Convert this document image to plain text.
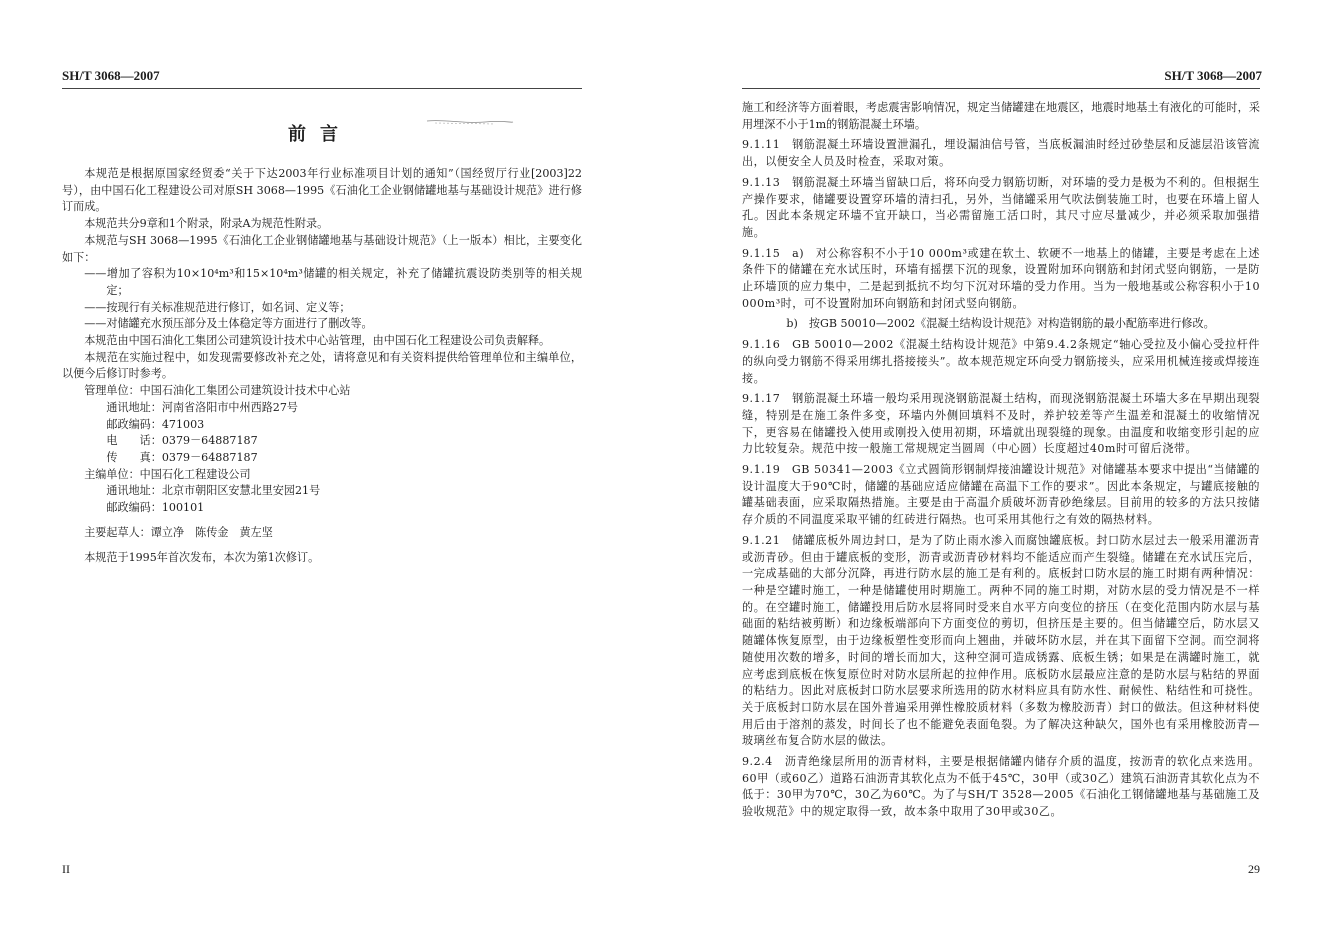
SH/T 3068—2007
前言

本规范是根据原国家经贸委“关于下达2003年行业标准项目计划的通知”（国经贸厅行业[2003]22号），由中国石化工程建设公司对原SH 3068—1995《石油化工企业钢储罐地基与基础设计规范》进行修订而成。

本规范共分9章和1个附录，附录A为规范性附录。

本规范与SH 3068—1995《石油化工企业钢储罐地基与基础设计规范》（上一版本）相比，主要变化如下：

——增加了容积为10×10⁴m³和15×10⁴m³储罐的相关规定，补充了储罐抗震设防类别等的相关规定；

——按现行有关标准规范进行修订，如名词、定义等；

——对储罐充水预压部分及土体稳定等方面进行了删改等。

本规范由中国石油化工集团公司建筑设计技术中心站管理，由中国石化工程建设公司负责解释。

本规范在实施过程中，如发现需要修改补充之处，请将意见和有关资料提供给管理单位和主编单位，以便今后修订时参考。

管理单位：中国石油化工集团公司建筑设计技术中心站

通讯地址：河南省洛阳市中州西路27号

邮政编码：471003

电　　话：0379－64887187

传　　真：0379－64887187

主编单位：中国石化工程建设公司

通讯地址：北京市朝阳区安慧北里安园21号

邮政编码：100101

主要起草人：谭立净　陈传金　黄左坚

本规范于1995年首次发布，本次为第1次修订。

II
SH/T 3068—2007

施工和经济等方面着眼，考虑震害影响情况，规定当储罐建在地震区，地震时地基土有液化的可能时，采用埋深不小于1m的钢筋混凝土环墙。

9.1.11　钢筋混凝土环墙设置泄漏孔，埋设漏油信号管，当底板漏油时经过砂垫层和反滤层沿该管流出，以便安全人员及时检查，采取对策。

9.1.13　钢筋混凝土环墙当留缺口后，将环向受力钢筋切断，对环墙的受力是极为不利的。但根据生产操作要求，储罐要设置穿环墙的清扫孔，另外，当储罐采用气吹法倒装施工时，也要在环墙上留人孔。因此本条规定环墙不宜开缺口，当必需留施工活口时，其尺寸应尽量减少，并必须采取加强措施。

9.1.15　a)　对公称容积不小于10 000m³或建在软土、软硬不一地基上的储罐，主要是考虑在上述条件下的储罐在充水试压时，环墙有摇摆下沉的现象，设置附加环向钢筋和封闭式竖向钢筋，一是防止环墙顶的应力集中，二是起到抵抗不均匀下沉对环墙的受力作用。当为一般地基或公称容积小于10 000m³时，可不设置附加环向钢筋和封闭式竖向钢筋。

b)　按GB 50010—2002《混凝土结构设计规范》对构造钢筋的最小配筋率进行修改。

9.1.16　GB 50010—2002《混凝土结构设计规范》中第9.4.2条规定“轴心受拉及小偏心受拉杆件的纵向受力钢筋不得采用绑扎搭接接头”。故本规范规定环向受力钢筋接头，应采用机械连接或焊接连接。

9.1.17　钢筋混凝土环墙一般均采用现浇钢筋混凝土结构，而现浇钢筋混凝土环墙大多在早期出现裂缝，特别是在施工条件多变，环墙内外侧回填料不及时，养护较差等产生温差和混凝土的收缩情况下，更容易在储罐投入使用或刚投入使用初期，环墙就出现裂缝的现象。由温度和收缩变形引起的应力比较复杂。规范中按一般施工常规规定当圆周（中心圆）长度超过40m时可留后浇带。

9.1.19　GB 50341—2003《立式圆筒形钢制焊接油罐设计规范》对储罐基本要求中提出“当储罐的设计温度大于90℃时，储罐的基础应适应储罐在高温下工作的要求”。因此本条规定，与罐底接触的罐基础表面，应采取隔热措施。主要是由于高温介质破坏沥青砂绝缘层。目前用的较多的方法只按储存介质的不同温度采取平铺的红砖进行隔热。也可采用其他行之有效的隔热材料。

9.1.21　储罐底板外周边封口，是为了防止雨水渗入而腐蚀罐底板。封口防水层过去一般采用灌沥青或沥青砂。但由于罐底板的变形，沥青或沥青砂材料均不能适应而产生裂缝。储罐在充水试压完后，一完成基础的大部分沉降，再进行防水层的施工是有利的。底板封口防水层的施工时期有两种情况：一种是空罐时施工，一种是储罐使用时期施工。两种不同的施工时期，对防水层的受力情况是不一样的。在空罐时施工，储罐投用后防水层将同时受来自水平方向变位的挤压（在变化范围内防水层与基础面的粘结被剪断）和边缘板端部向下方面变位的剪切，但挤压是主要的。但当储罐空后，防水层又随罐体恢复原型，由于边缘板塑性变形而向上翘曲，并破坏防水层，并在其下面留下空洞。而空洞将随使用次数的增多，时间的增长而加大，这种空洞可造成锈露、底板生锈；如果是在满罐时施工，就应考虑到底板在恢复原位时对防水层所起的拉伸作用。底板防水层最应注意的是防水层与粘结的界面的粘结力。因此对底板封口防水层要求所选用的防水材料应具有防水性、耐候性、粘结性和可挠性。关于底板封口防水层在国外普遍采用弹性橡胶质材料（多数为橡胶沥青）封口的做法。但这种材料使用后由于溶剂的蒸发，时间长了也不能避免表面龟裂。为了解决这种缺欠，国外也有采用橡胶沥青—玻璃丝布复合防水层的做法。

9.2.4　沥青绝缘层所用的沥青材料，主要是根据储罐内储存介质的温度，按沥青的软化点来选用。60甲（或60乙）道路石油沥青其软化点为不低于45℃，30甲（或30乙）建筑石油沥青其软化点为不低于：30甲为70℃，30乙为60℃。为了与SH/T 3528—2005《石油化工钢储罐地基与基础施工及验收规范》中的规定取得一致，故本条中取用了30甲或30乙。

29
